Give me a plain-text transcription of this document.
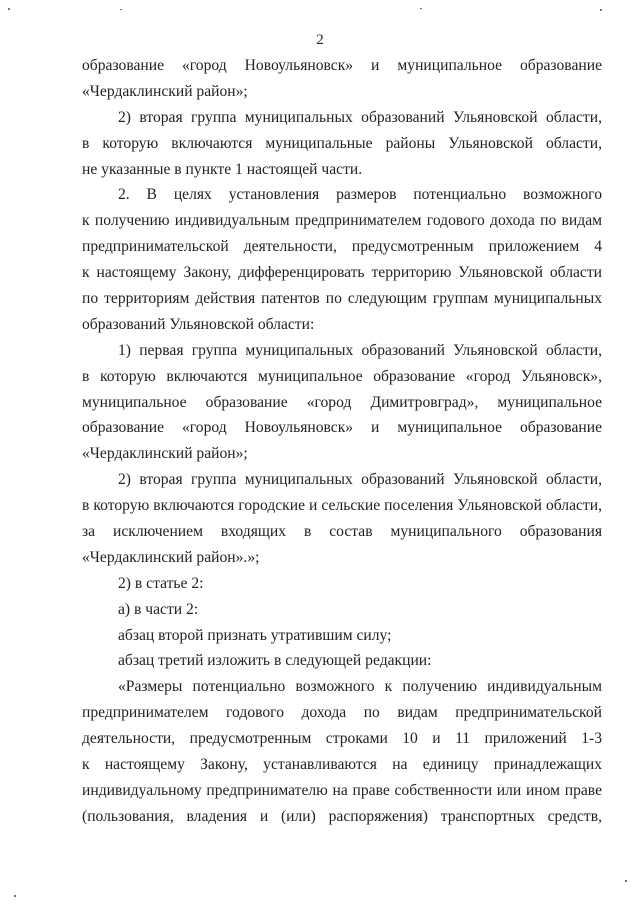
2
образование «город Новоульяновск» и муниципальное образование
«Чердаклинский район»;
2) вторая группа муниципальных образований Ульяновской области,
в которую включаются муниципальные районы Ульяновской области,
не указанные в пункте 1 настоящей части.
2. В целях установления размеров потенциально возможного
к получению индивидуальным предпринимателем годового дохода по видам
предпринимательской деятельности, предусмотренным приложением 4
к настоящему Закону, дифференцировать территорию Ульяновской области
по территориям действия патентов по следующим группам муниципальных
образований Ульяновской области:
1) первая группа муниципальных образований Ульяновской области,
в которую включаются муниципальное образование «город Ульяновск»,
муниципальное образование «город Димитровград», муниципальное
образование «город Новоульяновск» и муниципальное образование
«Чердаклинский район»;
2) вторая группа муниципальных образований Ульяновской области,
в которую включаются городские и сельские поселения Ульяновской области,
за исключением входящих в состав муниципального образования
«Чердаклинский район».»;
2) в статье 2:
а) в части 2:
абзац второй признать утратившим силу;
абзац третий изложить в следующей редакции:
«Размеры потенциально возможного к получению индивидуальным
предпринимателем годового дохода по видам предпринимательской
деятельности, предусмотренным строками 10 и 11 приложений 1-3
к настоящему Закону, устанавливаются на единицу принадлежащих
индивидуальному предпринимателю на праве собственности или ином праве
(пользования, владения и (или) распоряжения) транспортных средств,
